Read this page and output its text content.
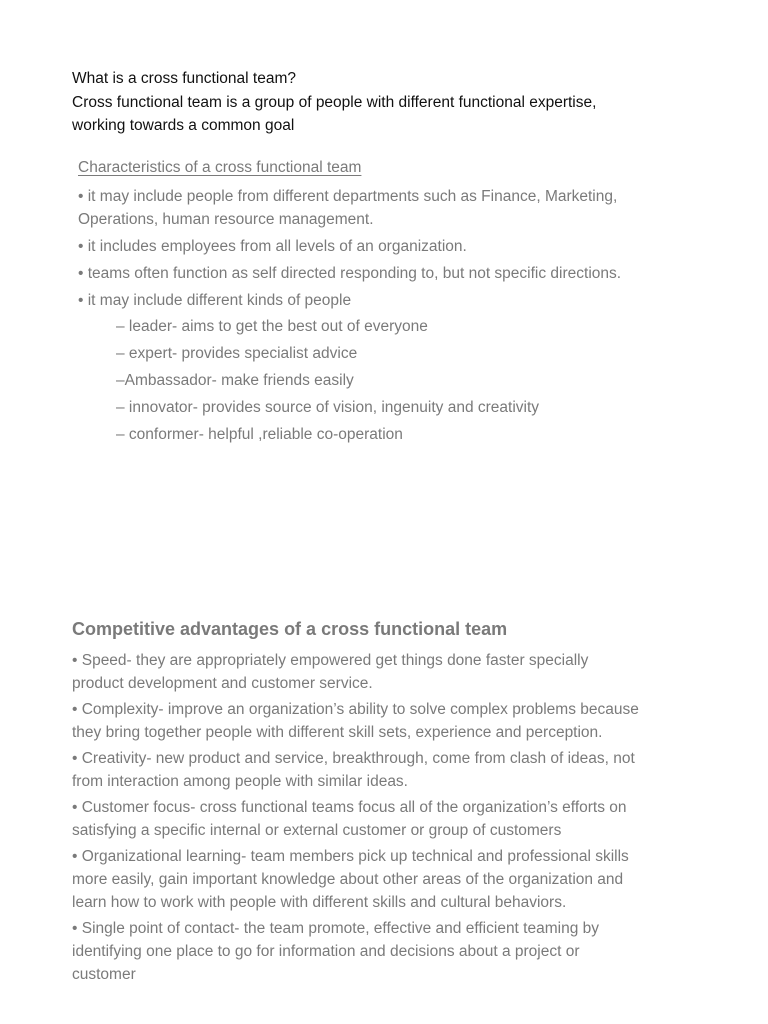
What is a cross functional team?
Cross functional team is a group of people with different functional expertise,
working towards a common goal
Characteristics of a cross functional team
• it may include people from different departments such as Finance, Marketing,
Operations, human resource management.
• it includes employees from all levels of an organization.
• teams often function as self directed responding to, but not specific directions.
• it may include different kinds of people
– leader- aims to get the best out of everyone
– expert- provides specialist advice
–Ambassador- make friends easily
– innovator- provides source of vision, ingenuity and creativity
– conformer- helpful ,reliable co-operation
Competitive advantages of a cross functional team
• Speed- they are appropriately empowered get things done faster specially
product development and customer service.
• Complexity- improve an organization’s ability to solve complex problems because
they bring together people with different skill sets, experience and perception.
• Creativity- new product and service, breakthrough, come from clash of ideas, not
from interaction among people with similar ideas.
• Customer focus- cross functional teams focus all of the organization’s efforts on
satisfying a specific internal or external customer or group of customers
• Organizational learning- team members pick up technical and professional skills
more easily, gain important knowledge about other areas of the organization and
learn how to work with people with different skills and cultural behaviors.
• Single point of contact- the team promote, effective and efficient teaming by
identifying one place to go for information and decisions about a project or
customer
